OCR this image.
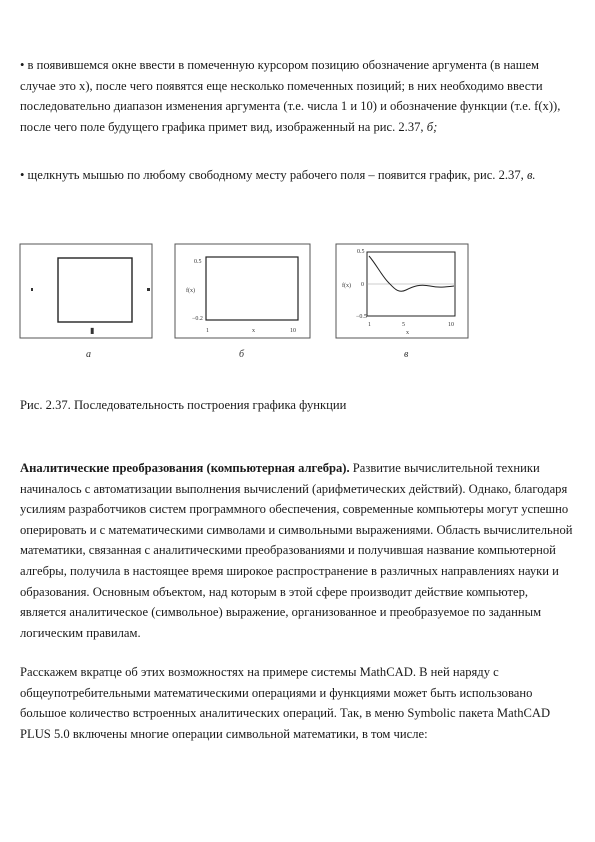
• в появившемся окне ввести в помеченную курсором позицию обозначение аргумента (в нашем случае это х), после чего появятся еще несколько помеченных позиций; в них необходимо ввести последовательно диапазон изменения аргумента (т.е. числа 1 и 10) и обозначение функции (т.е. f(x)), после чего поле будущего графика примет вид, изображенный на рис. 2.37, б;

• щелкнуть мышью по любому свободному месту рабочего поля – появится график, рис. 2.37, в.

▮
а
0.5
f(x)
−0.2
1	x	10
б
0.5
f(x) 0
−0.5
1	5	10
x
в

Рис. 2.37. Последовательность построения графика функции

Аналитические преобразования (компьютерная алгебра). Развитие вычислительной техники начиналось с автоматизации выполнения вычислений (арифметических действий). Однако, благодаря усилиям разработчиков систем программного обеспечения, современные компьютеры могут успешно оперировать и с математическими символами и символьными выражениями. Область вычислительной математики, связанная с аналитическими преобразованиями и получившая название компьютерной алгебры, получила в настоящее время широкое распространение в различных направлениях науки и образования. Основным объектом, над которым в этой сфере производит действие компьютер, является аналитическое (символьное) выражение, организованное и преобразуемое по заданным логическим правилам.

Расскажем вкратце об этих возможностях на примере системы MathCAD. В ней наряду с общеупотребительными математическими операциями и функциями может быть использовано большое количество встроенных аналитических операций. Так, в меню Symbolic пакета MathCAD PLUS 5.0 включены многие операции символьной математики, в том числе:
